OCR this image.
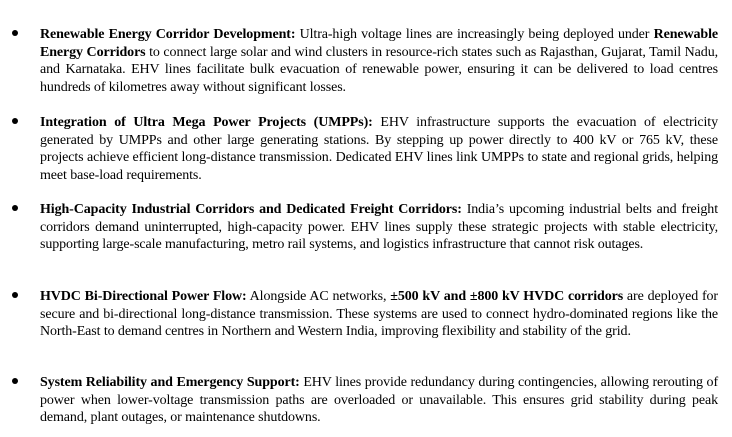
Renewable Energy Corridor Development: Ultra-high voltage lines are increasingly being deployed under Renewable Energy Corridors to connect large solar and wind clusters in resource-rich states such as Rajasthan, Gujarat, Tamil Nadu, and Karnataka. EHV lines facilitate bulk evacuation of renewable power, ensuring it can be delivered to load centres hundreds of kilometres away without significant losses.

Integration of Ultra Mega Power Projects (UMPPs): EHV infrastructure supports the evacuation of electricity generated by UMPPs and other large generating stations. By stepping up power directly to 400 kV or 765 kV, these projects achieve efficient long-distance transmission. Dedicated EHV lines link UMPPs to state and regional grids, helping meet base-load requirements.

High-Capacity Industrial Corridors and Dedicated Freight Corridors: India’s upcoming industrial belts and freight corridors demand uninterrupted, high-capacity power. EHV lines supply these strategic projects with stable electricity, supporting large-scale manufacturing, metro rail systems, and logistics infrastructure that cannot risk outages.

HVDC Bi-Directional Power Flow: Alongside AC networks, ±500 kV and ±800 kV HVDC corridors are deployed for secure and bi-directional long-distance transmission. These systems are used to connect hydro-dominated regions like the North-East to demand centres in Northern and Western India, improving flexibility and stability of the grid.

System Reliability and Emergency Support: EHV lines provide redundancy during contingencies, allowing rerouting of power when lower-voltage transmission paths are overloaded or unavailable. This ensures grid stability during peak demand, plant outages, or maintenance shutdowns.
